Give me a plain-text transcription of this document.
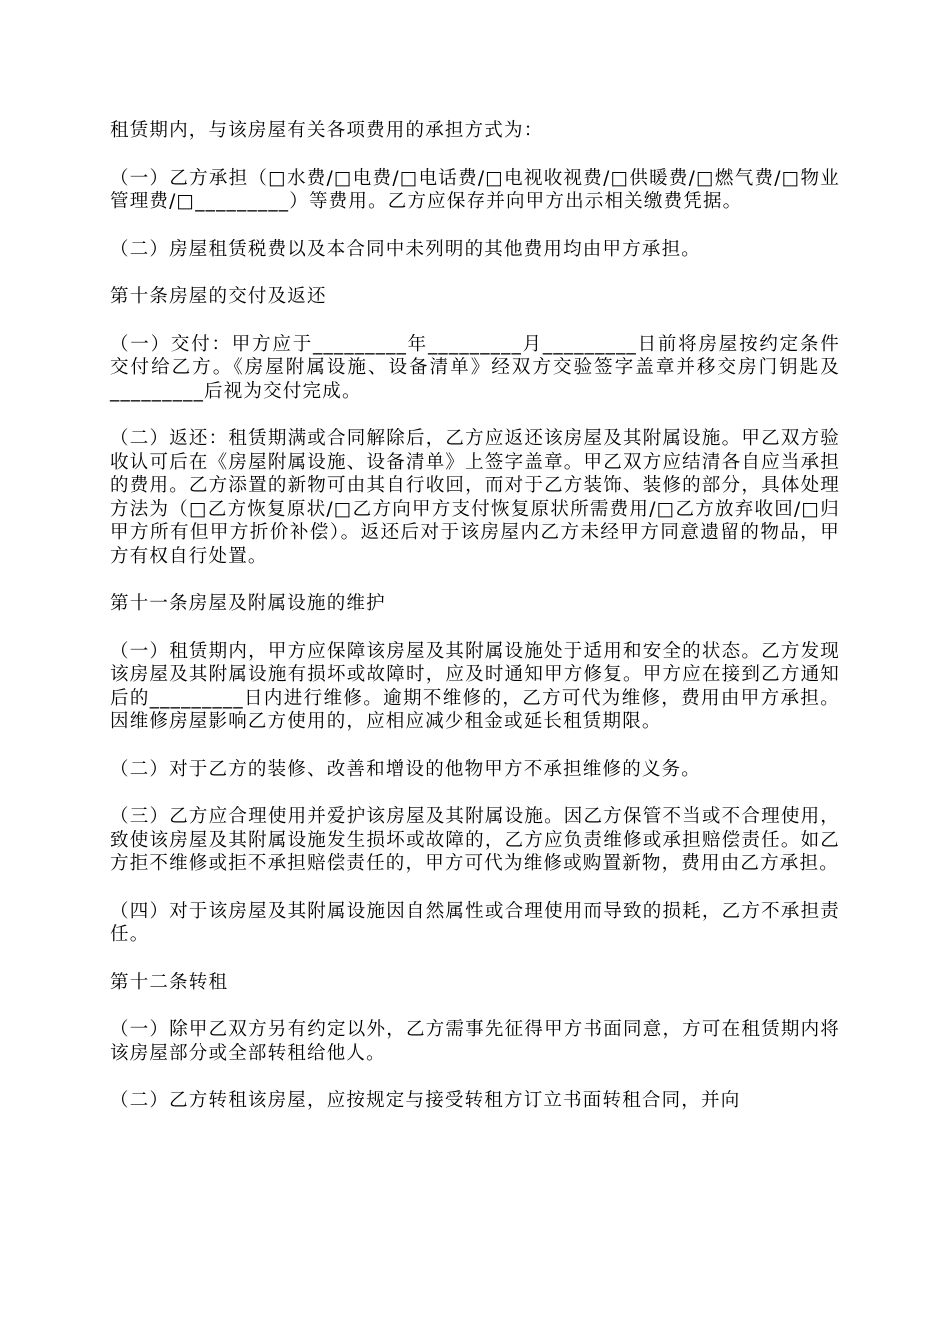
租赁期内，与该房屋有关各项费用的承担方式为：

（一）乙方承担（□水费/□电费/□电话费/□电视收视费/□供暖费/□燃气费/□物业管理费/□_________）等费用。乙方应保存并向甲方出示相关缴费凭据。

（二）房屋租赁税费以及本合同中未列明的其他费用均由甲方承担。

第十条房屋的交付及返还

（一）交付：甲方应于_________年_________月_________日前将房屋按约定条件交付给乙方。《房屋附属设施、设备清单》经双方交验签字盖章并移交房门钥匙及_________后视为交付完成。

（二）返还：租赁期满或合同解除后，乙方应返还该房屋及其附属设施。甲乙双方验收认可后在《房屋附属设施、设备清单》上签字盖章。甲乙双方应结清各自应当承担的费用。乙方添置的新物可由其自行收回，而对于乙方装饰、装修的部分，具体处理方法为（□乙方恢复原状/□乙方向甲方支付恢复原状所需费用/□乙方放弃收回/□归甲方所有但甲方折价补偿）。返还后对于该房屋内乙方未经甲方同意遗留的物品，甲方有权自行处置。

第十一条房屋及附属设施的维护

（一）租赁期内，甲方应保障该房屋及其附属设施处于适用和安全的状态。乙方发现该房屋及其附属设施有损坏或故障时，应及时通知甲方修复。甲方应在接到乙方通知后的_________日内进行维修。逾期不维修的，乙方可代为维修，费用由甲方承担。因维修房屋影响乙方使用的，应相应减少租金或延长租赁期限。

（二）对于乙方的装修、改善和增设的他物甲方不承担维修的义务。

（三）乙方应合理使用并爱护该房屋及其附属设施。因乙方保管不当或不合理使用，致使该房屋及其附属设施发生损坏或故障的，乙方应负责维修或承担赔偿责任。如乙方拒不维修或拒不承担赔偿责任的，甲方可代为维修或购置新物，费用由乙方承担。

（四）对于该房屋及其附属设施因自然属性或合理使用而导致的损耗，乙方不承担责任。

第十二条转租

（一）除甲乙双方另有约定以外，乙方需事先征得甲方书面同意，方可在租赁期内将该房屋部分或全部转租给他人。

（二）乙方转租该房屋，应按规定与接受转租方订立书面转租合同，并向
